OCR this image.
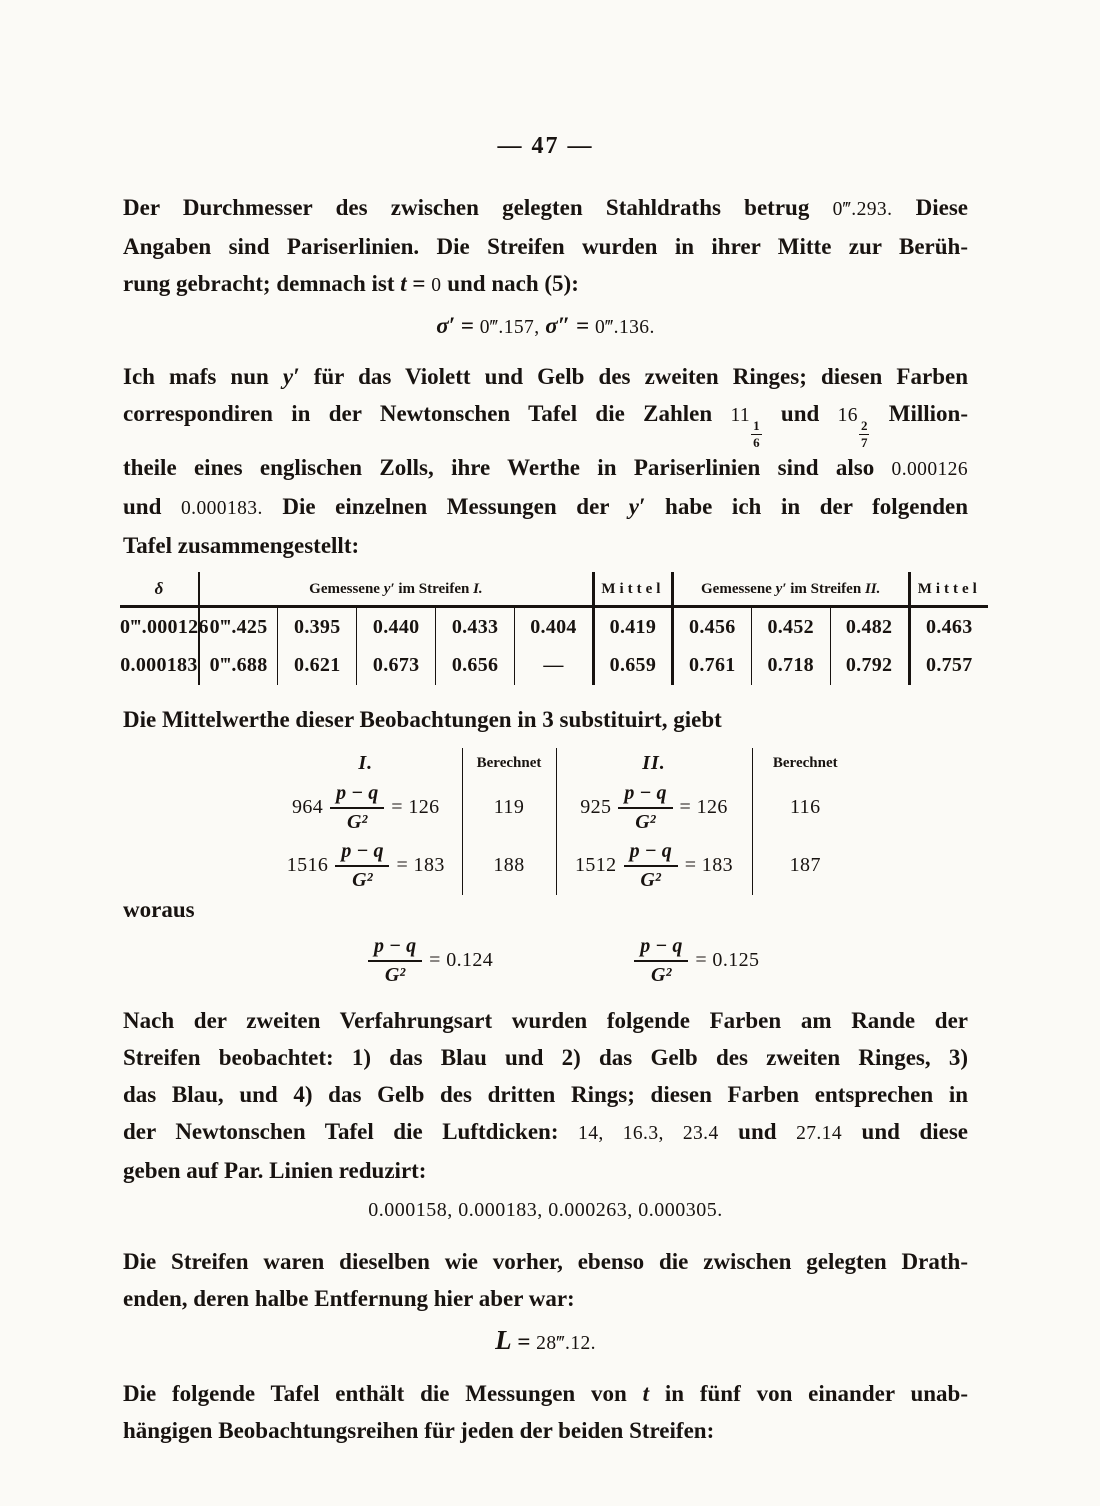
— 47 —
Der Durchmesser des zwischen gelegten Stahldraths betrug 0‴.293. Diese
Angaben sind Pariserlinien. Die Streifen wurden in ihrer Mitte zur Berüh-
rung gebracht; demnach ist t = 0 und nach (5):
σ′ = 0‴.157, σ″ = 0‴.136.
Ich mafs nun y′ für das Violett und Gelb des zweiten Ringes; diesen Farben
correspondiren in der Newtonschen Tafel die Zahlen 11
$\frac{1}{6}$
und 16
$\frac{2}{7}$
Million-
theile eines englischen Zolls, ihre Werthe in Pariserlinien sind also 0.000126
und 0.000183. Die einzelnen Messungen der y′ habe ich in der folgenden
Tafel zusammengestellt:
δ	Gemessene y′ im Streifen I.					Mittel	Gemessene y′ im Streifen II.			Mittel
0‴.000126	0‴.425	0.395	0.440	0.433	0.404	0.419	0.456	0.452	0.482	0.463
0.000183	0‴.688	0.621	0.673	0.656	—	0.659	0.761	0.718	0.792	0.757
Die Mittelwerthe dieser Beobachtungen in 3 substituirt, giebt
I.	Berechnet	II.	Berechnet

$964 \frac{p - q}{\text{G²}} = 126$	119	$925 \frac{p - q}{\text{G²}} = 126$	116

$1516 \frac{p - q}{\text{G²}} = 183$	188	$1512 \frac{p - q}{\text{G²}} = 183$	187
woraus
$\frac{p - q}{\text{G²}} = 0.124$	$\frac{p - q}{\text{G²}} = 0.125$
Nach der zweiten Verfahrungsart wurden folgende Farben am Rande der
Streifen beobachtet: 1) das Blau und 2) das Gelb des zweiten Ringes, 3)
das Blau, und 4) das Gelb des dritten Rings; diesen Farben entsprechen in
der Newtonschen Tafel die Luftdicken: 14, 16.3, 23.4 und 27.14 und diese
geben auf Par. Linien reduzirt:
0.000158, 0.000183, 0.000263, 0.000305.
Die Streifen waren dieselben wie vorher, ebenso die zwischen gelegten Drath-
enden, deren halbe Entfernung hier aber war:
L = 28‴.12.
Die folgende Tafel enthält die Messungen von t in fünf von einander unab-
hängigen Beobachtungsreihen für jeden der beiden Streifen:
